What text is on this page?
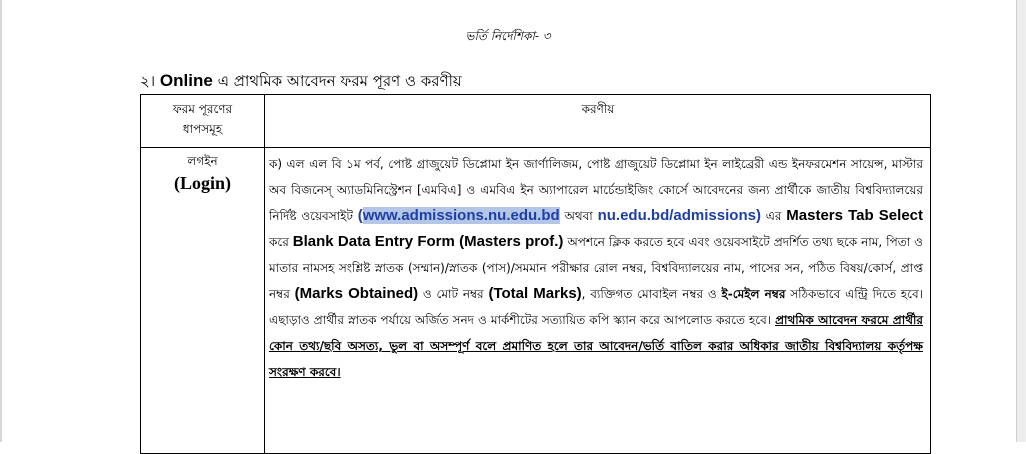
ভর্তি নির্দেশিকা- ৩
২। Online এ প্রাথমিক আবেদন ফরম পূরণ ও করণীয়
ফরম পূরণের
ধাপসমূহ
করণীয়
লগইন
(Login)

ক) এল এল বি ১ম পর্ব, পোষ্ট গ্রাজুয়েট ডিপ্লোমা ইন জার্ণালিজম, পোষ্ট গ্রাজুয়েট ডিপ্লোমা ইন লাইব্রেরী এন্ড ইনফরমেশন সায়েন্স, মাস্টার অব বিজনেস্ অ্যাডমিনিস্ট্রেশন [এমবিএ] ও এমবিএ ইন অ্যাপারেল মার্চেন্ডাইজিং কোর্সে আবেদনের জন্য প্রার্থীকে জাতীয় বিশ্ববিদ্যালয়ের নির্দিষ্ট ওয়েবসাইট (www.admissions.nu.edu.bd অথবা nu.edu.bd/admissions) এর Masters Tab Select করে Blank Data Entry Form (Masters prof.) অপশনে ক্লিক করতে হবে এবং ওয়েবসাইটে প্রদর্শিত তথ্য ছকে নাম, পিতা ও মাতার নামসহ সংশ্লিষ্ট স্নাতক (সম্মান)/স্নাতক (পাস)/সমমান পরীক্ষার রোল নম্বর, বিশ্ববিদ্যালয়ের নাম, পাসের সন, পঠিত বিষয়/কোর্স, প্রাপ্ত নম্বর (Marks Obtained) ও মোট নম্বর (Total Marks), ব্যক্তিগত মোবাইল নম্বর ও ই-মেইল নম্বর সঠিকভাবে এন্ট্রি দিতে হবে। এছাড়াও প্রার্থীর স্নাতক পর্যায়ে অর্জিত সনদ ও মার্কশীটের সত্যায়িত কপি স্ক্যান করে আপলোড করতে হবে। প্রাথমিক আবেদন ফরমে প্রার্থীর কোন তথ্য/ছবি অসত্য, ভুল বা অসম্পূর্ণ বলে প্রমাণিত হলে তার আবেদন/ভর্তি বাতিল করার অধিকার জাতীয় বিশ্ববিদ্যালয় কর্তৃপক্ষ সংরক্ষণ করবে।
